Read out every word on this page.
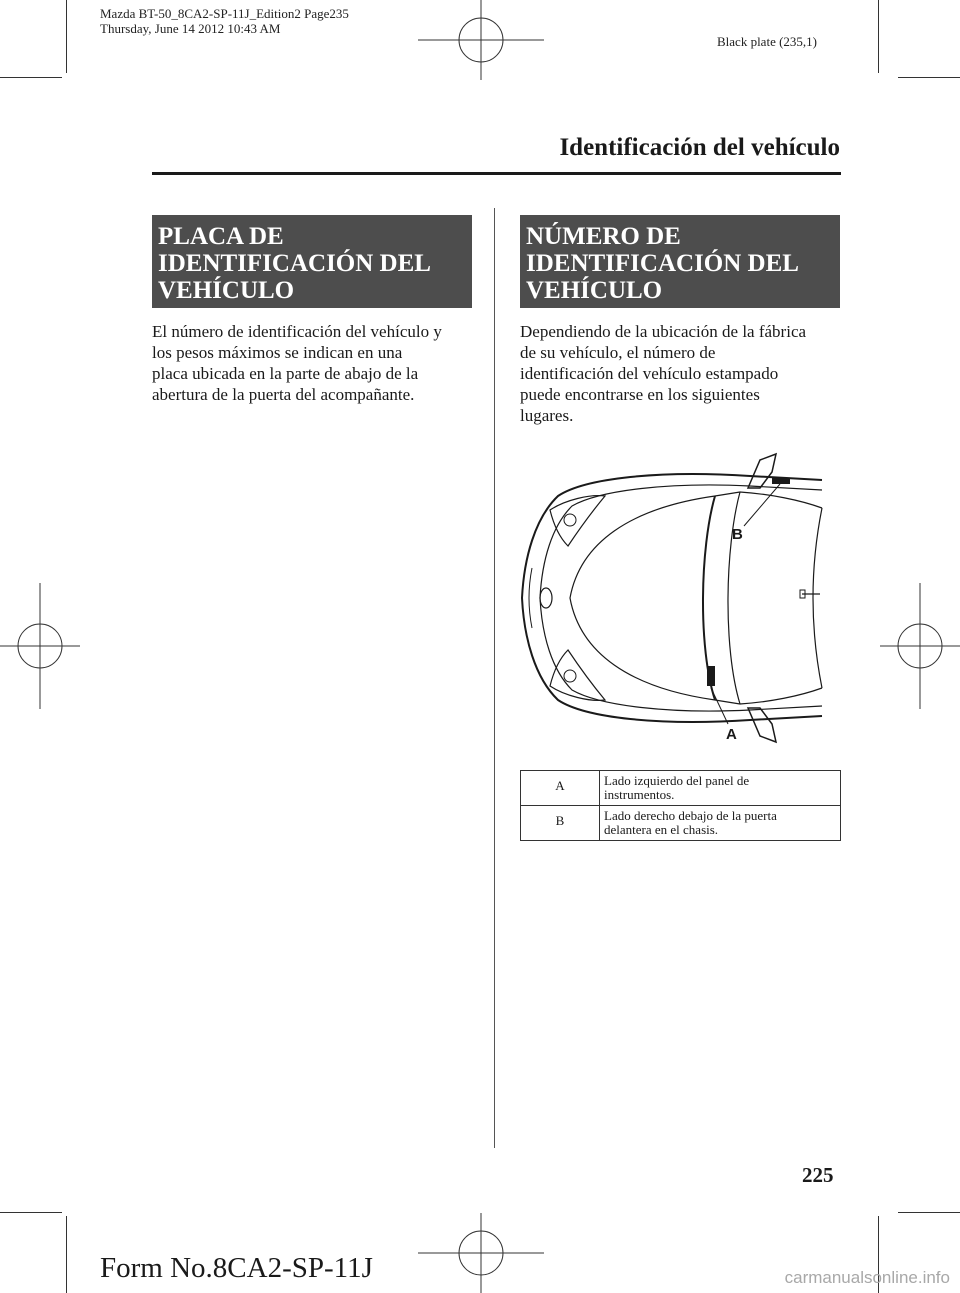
Mazda BT-50_8CA2-SP-11J_Edition2 Page235
Thursday, June 14 2012 10:43 AM
Black plate (235,1)
Identificación del vehículo
PLACA DE
IDENTIFICACIÓN DEL
VEHÍCULO
El número de identificación del vehículo y
los pesos máximos se indican en una
placa ubicada en la parte de abajo de la
abertura de la puerta del acompañante.
NÚMERO DE
IDENTIFICACIÓN DEL
VEHÍCULO
Dependiendo de la ubicación de la fábrica
de su vehículo, el número de
identificación del vehículo estampado
puede encontrarse en los siguientes
lugares.
B
A
A	Lado izquierdo del panel de
instrumentos.

B	Lado derecho debajo de la puerta
delantera en el chasis.
225
Form No.8CA2-SP-11J	carmanualsonline.info
